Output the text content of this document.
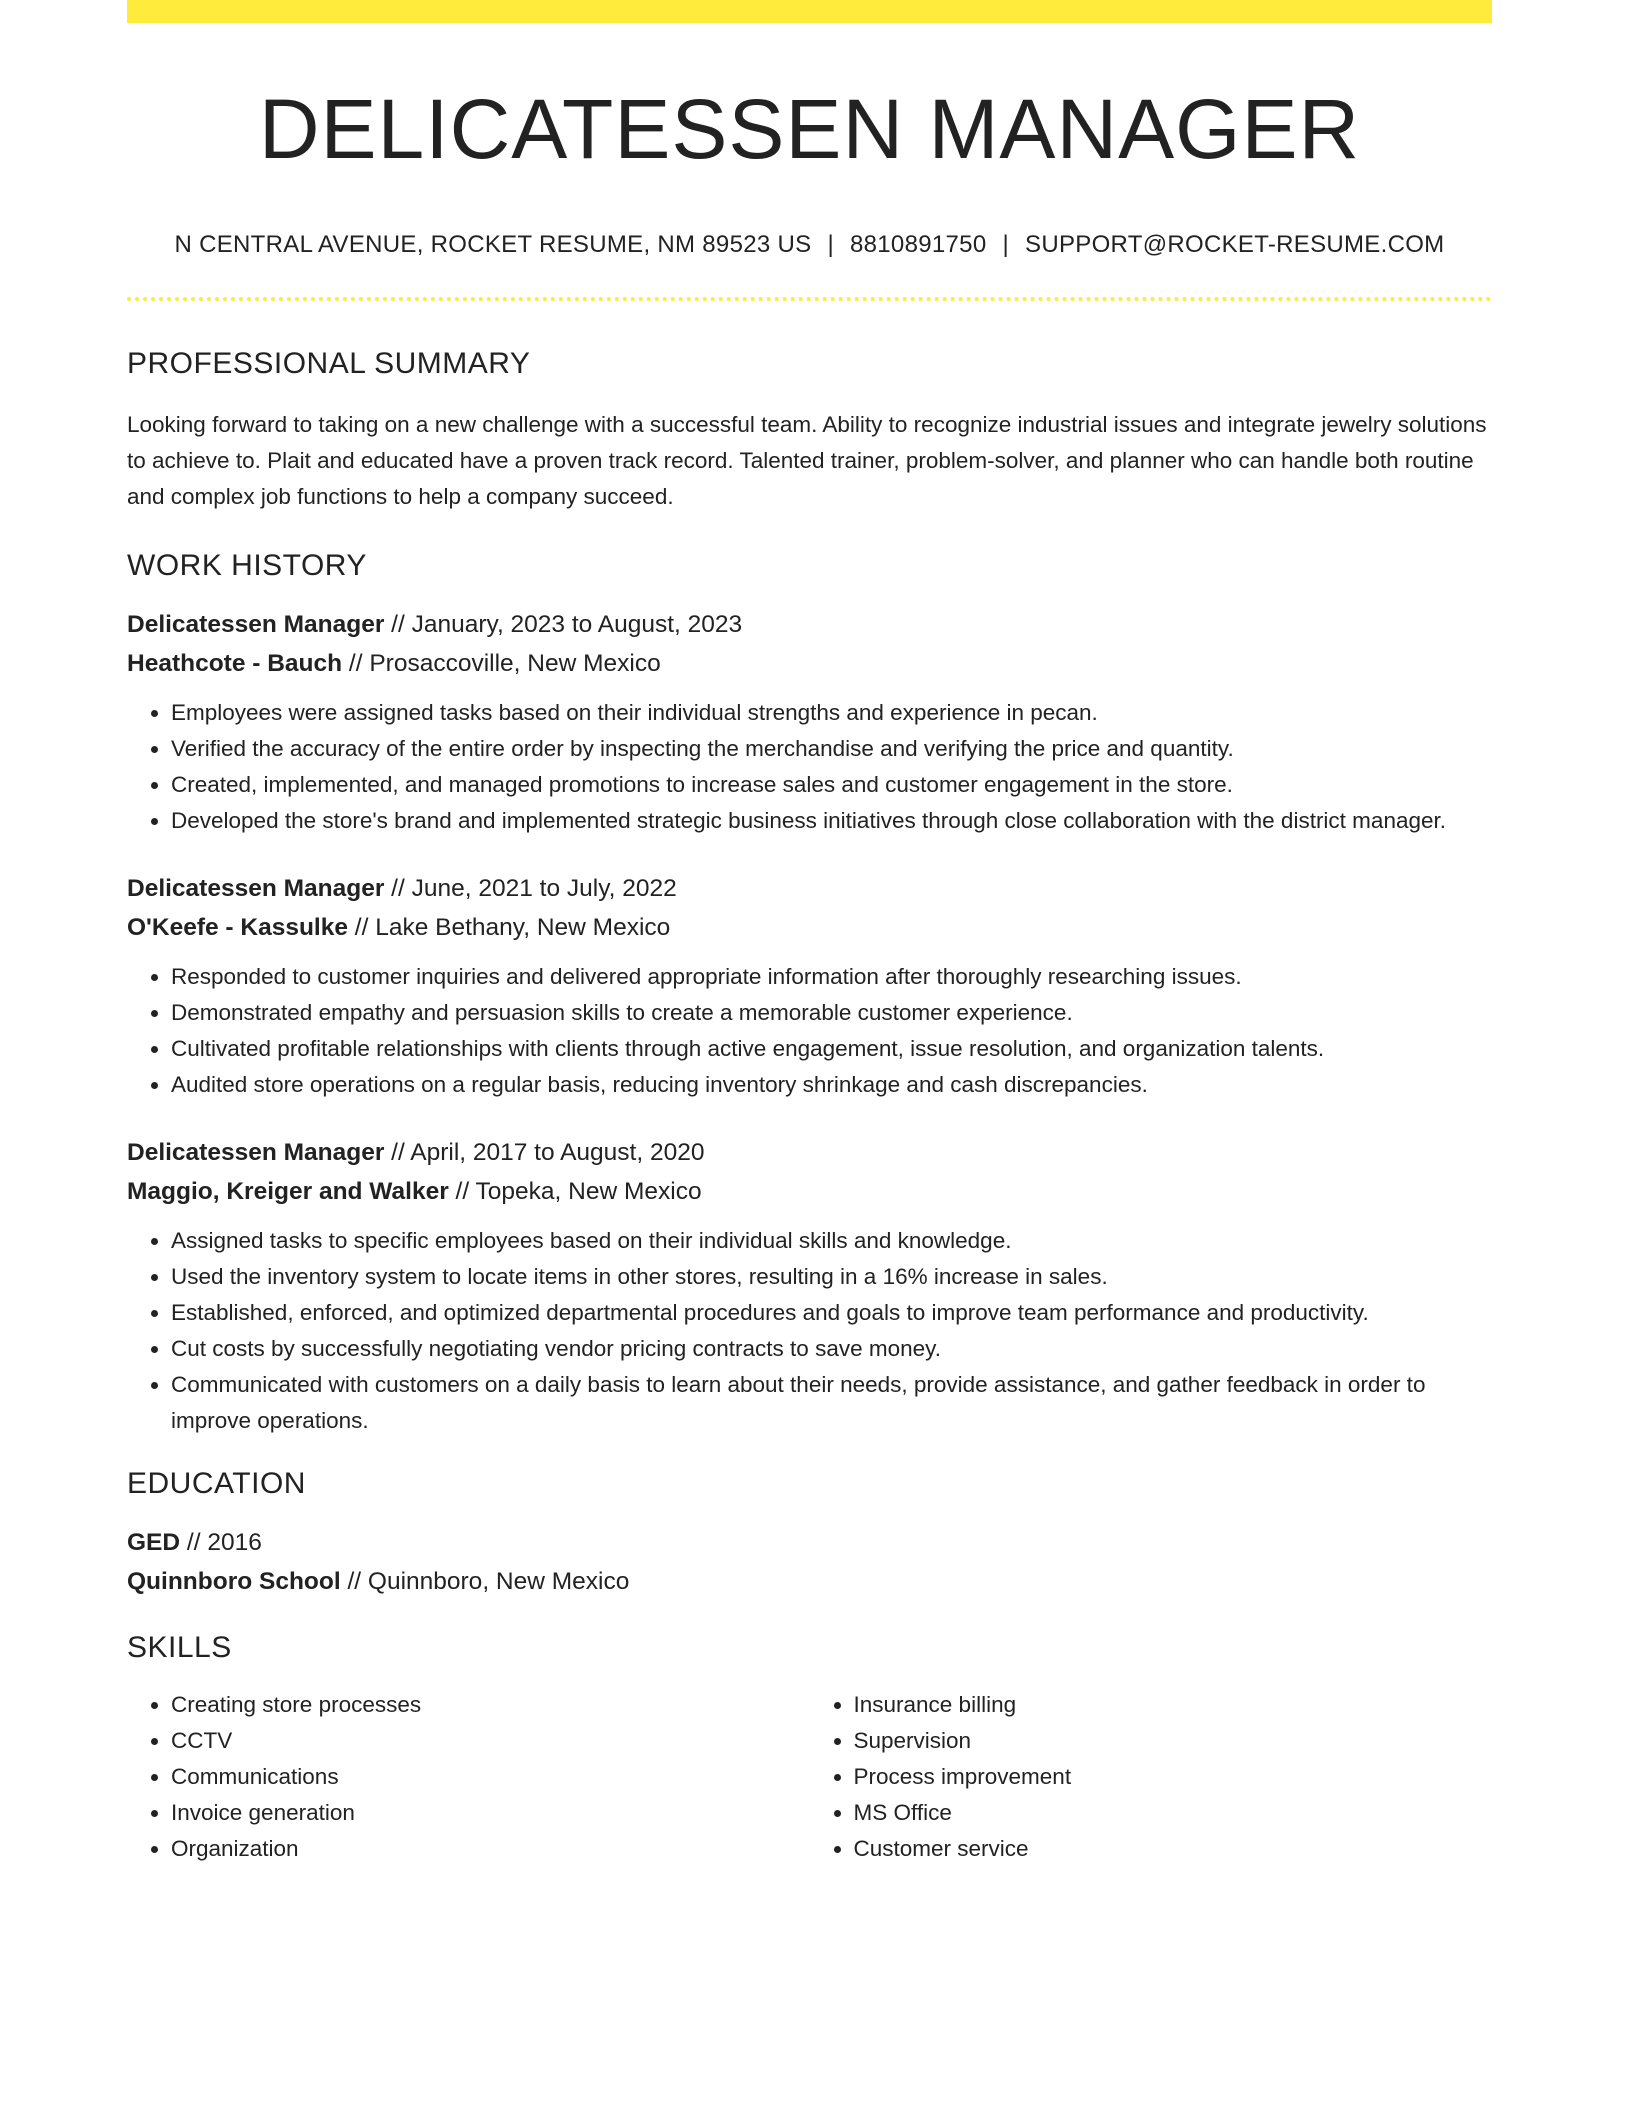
DELICATESSEN MANAGER
N CENTRAL AVENUE, ROCKET RESUME, NM 89523 US | 8810891750 | SUPPORT@ROCKET-RESUME.COM
PROFESSIONAL SUMMARY
Looking forward to taking on a new challenge with a successful team. Ability to recognize industrial issues and integrate jewelry solutions to achieve to. Plait and educated have a proven track record. Talented trainer, problem-solver, and planner who can handle both routine and complex job functions to help a company succeed.
WORK HISTORY
Delicatessen Manager // January, 2023 to August, 2023
Heathcote - Bauch // Prosaccoville, New Mexico
• Employees were assigned tasks based on their individual strengths and experience in pecan.
• Verified the accuracy of the entire order by inspecting the merchandise and verifying the price and quantity.
• Created, implemented, and managed promotions to increase sales and customer engagement in the store.
• Developed the store's brand and implemented strategic business initiatives through close collaboration with the district manager.
Delicatessen Manager // June, 2021 to July, 2022
O'Keefe - Kassulke // Lake Bethany, New Mexico
• Responded to customer inquiries and delivered appropriate information after thoroughly researching issues.
• Demonstrated empathy and persuasion skills to create a memorable customer experience.
• Cultivated profitable relationships with clients through active engagement, issue resolution, and organization talents.
• Audited store operations on a regular basis, reducing inventory shrinkage and cash discrepancies.
Delicatessen Manager // April, 2017 to August, 2020
Maggio, Kreiger and Walker // Topeka, New Mexico
• Assigned tasks to specific employees based on their individual skills and knowledge.
• Used the inventory system to locate items in other stores, resulting in a 16% increase in sales.
• Established, enforced, and optimized departmental procedures and goals to improve team performance and productivity.
• Cut costs by successfully negotiating vendor pricing contracts to save money.
• Communicated with customers on a daily basis to learn about their needs, provide assistance, and gather feedback in order to improve operations.
EDUCATION
GED // 2016
Quinnboro School // Quinnboro, New Mexico
SKILLS
• Creating store processes
• CCTV
• Communications
• Invoice generation
• Organization
• Insurance billing
• Supervision
• Process improvement
• MS Office
• Customer service
